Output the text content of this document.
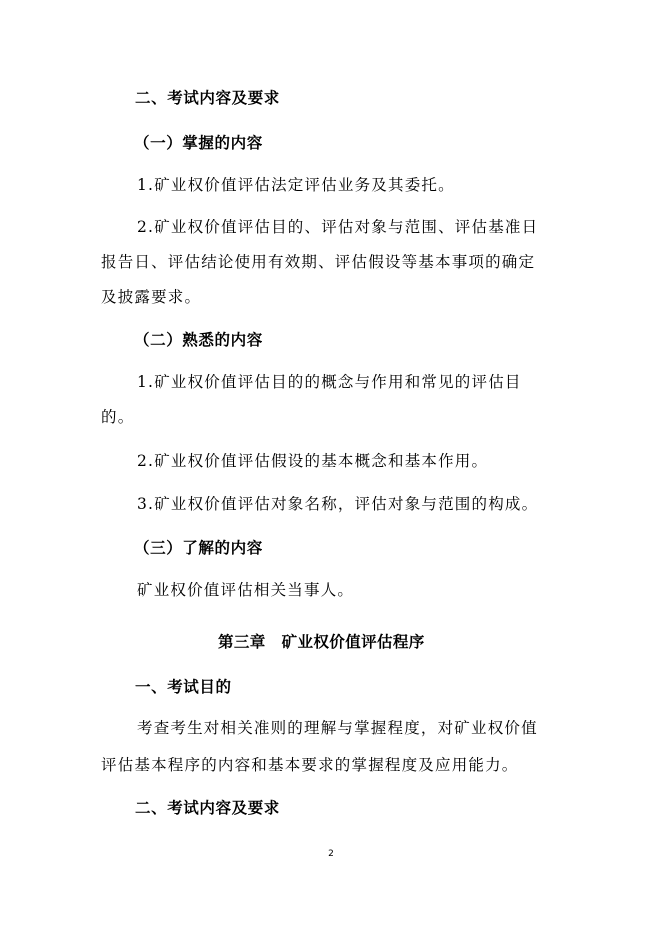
二、考试内容及要求
（一）掌握的内容
1.矿业权价值评估法定评估业务及其委托。
2.矿业权价值评估目的、评估对象与范围、评估基准日
报告日、评估结论使用有效期、评估假设等基本事项的确定
及披露要求。
（二）熟悉的内容
1.矿业权价值评估目的的概念与作用和常见的评估目
的。
2.矿业权价值评估假设的基本概念和基本作用。
3.矿业权价值评估对象名称，评估对象与范围的构成。
（三）了解的内容
矿业权价值评估相关当事人。
第三章　矿业权价值评估程序
一、考试目的
考查考生对相关准则的理解与掌握程度，对矿业权价值
评估基本程序的内容和基本要求的掌握程度及应用能力。
二、考试内容及要求
2
